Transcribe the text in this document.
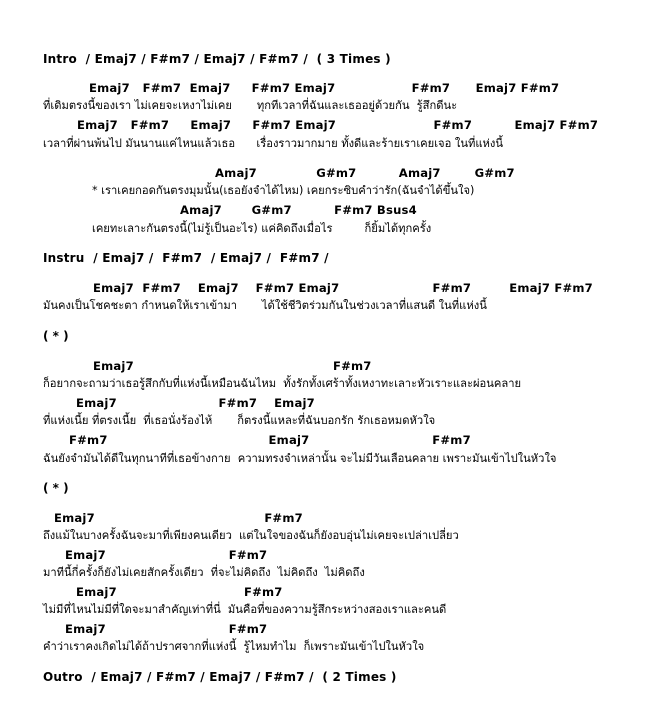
Intro  / Emaj7 / F#m7 / Emaj7 / F#m7 /  ( 3 Times )
Emaj7   F#m7  Emaj7     F#m7 Emaj7                  F#m7      Emaj7 F#m7
ที่เดิมตรงนี้ของเรา ไม่เคยจะเหงาไม่เคย       ทุกทีเวลาที่ฉันและเธออยู่ด้วยกัน  รู้สึกดีนะ
Emaj7   F#m7     Emaj7     F#m7 Emaj7                       F#m7          Emaj7 F#m7
เวลาที่ผ่านพ้นไป มันนานแค่ไหนแล้วเธอ      เรื่องราวมากมาย ทั้งดีและร้ายเราเคยเจอ ในที่แห่งนี้
Amaj7              G#m7          Amaj7        G#m7
* เราเคยกอดกันตรงมุมนั้น(เธอยังจำได้ไหม) เคยกระซิบคำว่ารัก(ฉันจำได้ขึ้นใจ)
Amaj7       G#m7          F#m7 Bsus4
เคยทะเลาะกันตรงนี้(ไม่รู้เป็นอะไร) แค่คิดถึงเมื่อไร         ก็ยิ้มได้ทุกครั้ง
Instru  / Emaj7 /  F#m7  / Emaj7 /  F#m7 /
Emaj7  F#m7    Emaj7    F#m7 Emaj7                      F#m7         Emaj7 F#m7
มันคงเป็นโชคชะตา กำหนดให้เราเข้ามา       ได้ใช้ชีวิตร่วมกันในช่วงเวลาที่แสนดี ในที่แห่งนี้
( * )
Emaj7                                               F#m7
ก็อยากจะถามว่าเธอรู้สึกกับที่แห่งนี้เหมือนฉันไหม  ทั้งรักทั้งเศร้าทั้งเหงาทะเลาะหัวเราะและผ่อนคลาย
Emaj7                        F#m7    Emaj7
ที่แห่งเนี้ย ที่ตรงเนี้ย  ที่เธอนั่งร้องไห้       ก็ตรงนี้แหละที่ฉันบอกรัก รักเธอหมดหัวใจ
F#m7                                      Emaj7                             F#m7
ฉันยังจำมันได้ดีในทุกนาทีที่เธอข้างกาย  ความทรงจำเหล่านั้น จะไม่มีวันเลือนคลาย เพราะมันเข้าไปในหัวใจ
( * )
Emaj7                                        F#m7
ถึงแม้ในบางครั้งฉันจะมาที่เพียงคนเดียว  แต่ในใจของฉันก็ยังอบอุ่นไม่เคยจะเปล่าเปลี่ยว
Emaj7                             F#m7
มาทีนี้กี่ครั้งก็ยังไม่เคยสักครั้งเดียว  ที่จะไม่คิดถึง  ไม่คิดถึง  ไม่คิดถึง
Emaj7                              F#m7
ไม่มีที่ไหนไม่มีที่ใดจะมาสำคัญเท่าที่นี่  มันคือที่ของความรู้สึกระหว่างสองเราและคนดี
Emaj7                             F#m7
คำว่าเราคงเกิดไม่ได้ถ้าปราศจากที่แห่งนี้  รู้ไหมทำไม  ก็เพราะมันเข้าไปในหัวใจ
Outro  / Emaj7 / F#m7 / Emaj7 / F#m7 /  ( 2 Times )
